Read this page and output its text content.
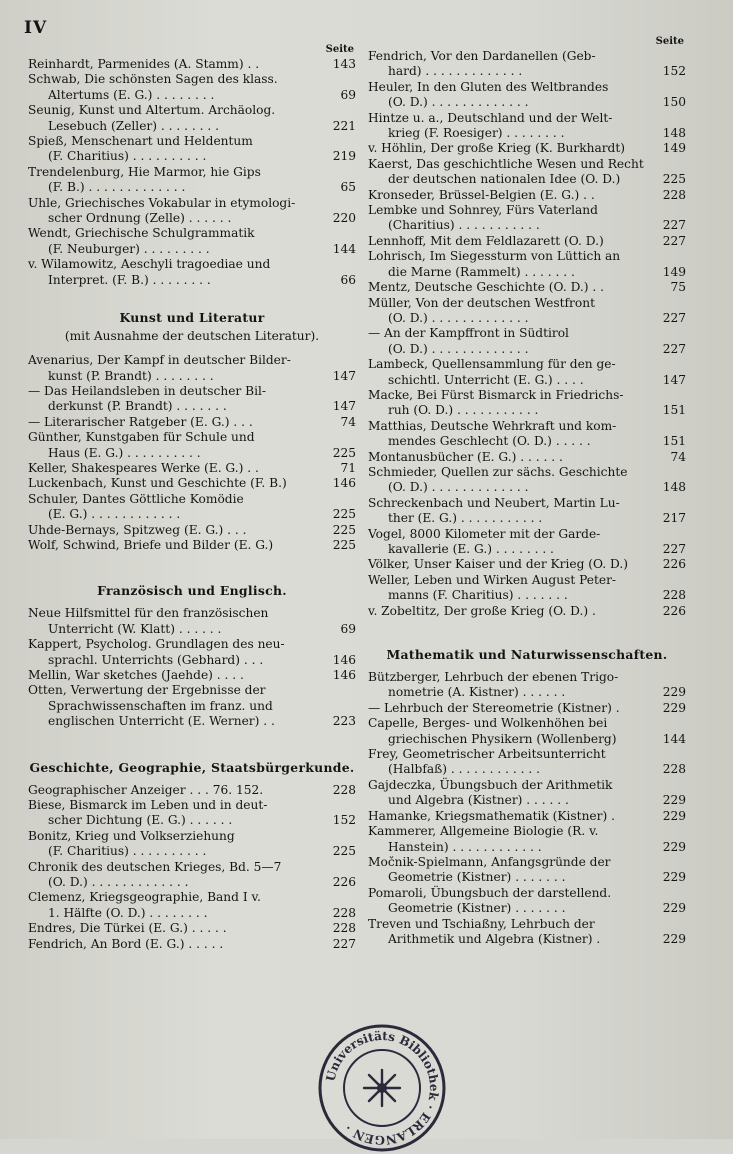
IV
Seite
Reinhardt, Parmenides (A. Stamm) . .	143
Schwab, Die schönsten Sagen des klass.
Altertums (E. G.) . . . . . . . .	69
Seunig, Kunst und Altertum. Archäolog.
Lesebuch (Zeller) . . . . . . . .	221
Spieß, Menschenart und Heldentum
(F. Charitius) . . . . . . . . . .	219
Trendelenburg, Hie Marmor, hie Gips
(F. B.) . . . . . . . . . . . . .	65
Uhle, Griechisches Vokabular in etymologi-
scher Ordnung (Zelle) . . . . . .	220
Wendt, Griechische Schulgrammatik
(F. Neuburger) . . . . . . . . .	144
v. Wilamowitz, Aeschyli tragoediae und
Interpret. (F. B.) . . . . . . . .	66
Kunst und Literatur
(mit Ausnahme der deutschen Literatur).
Avenarius, Der Kampf in deutscher Bilder-
kunst (P. Brandt) . . . . . . . .	147
— Das Heilandsleben in deutscher Bil-
derkunst (P. Brandt) . . . . . . .	147
— Literarischer Ratgeber (E. G.) . . .	74
Günther, Kunstgaben für Schule und
Haus (E. G.) . . . . . . . . . .	225
Keller, Shakespeares Werke (E. G.) . .	71
Luckenbach, Kunst und Geschichte (F. B.)	146
Schuler, Dantes Göttliche Komödie
(E. G.) . . . . . . . . . . . .	225
Uhde-Bernays, Spitzweg (E. G.) . . .	225
Wolf, Schwind, Briefe und Bilder (E. G.)	225
Französisch und Englisch.
Neue Hilfsmittel für den französischen
Unterricht (W. Klatt) . . . . . .	69
Kappert, Psycholog. Grundlagen des neu-
sprachl. Unterrichts (Gebhard) . . .	146
Mellin, War sketches (Jaehde) . . . .	146
Otten, Verwertung der Ergebnisse der
Sprachwissenschaften im franz. und
englischen Unterricht (E. Werner) . .	223
Geschichte, Geographie, Staatsbürgerkunde.
Geographischer Anzeiger . . . 76. 152.	228
Biese, Bismarck im Leben und in deut-
scher Dichtung (E. G.) . . . . . .	152
Bonitz, Krieg und Volkserziehung
(F. Charitius) . . . . . . . . . .	225
Chronik des deutschen Krieges, Bd. 5—7
(O. D.) . . . . . . . . . . . . .	226
Clemenz, Kriegsgeographie, Band I v.
1. Hälfte (O. D.) . . . . . . . .	228
Endres, Die Türkei (E. G.) . . . . .	228
Fendrich, An Bord (E. G.) . . . . .	227
Seite
Fendrich, Vor den Dardanellen (Geb-
hard) . . . . . . . . . . . . .	152
Heuler, In den Gluten des Weltbrandes
(O. D.) . . . . . . . . . . . . .	150
Hintze u. a., Deutschland und der Welt-
krieg (F. Roesiger) . . . . . . . .	148
v. Höhlin, Der große Krieg (K. Burkhardt)	149
Kaerst, Das geschichtliche Wesen und Recht
der deutschen nationalen Idee (O. D.)	225
Kronseder, Brüssel-Belgien (E. G.) . .	228
Lembke und Sohnrey, Fürs Vaterland
(Charitius) . . . . . . . . . . .	227
Lennhoff, Mit dem Feldlazarett (O. D.)	227
Lohrisch, Im Siegessturm von Lüttich an
die Marne (Rammelt) . . . . . . .	149
Mentz, Deutsche Geschichte (O. D.) . .	75
Müller, Von der deutschen Westfront
(O. D.) . . . . . . . . . . . . .	227
— An der Kampffront in Südtirol
(O. D.) . . . . . . . . . . . . .	227
Lambeck, Quellensammlung für den ge-
schichtl. Unterricht (E. G.) . . . .	147
Macke, Bei Fürst Bismarck in Friedrichs-
ruh (O. D.) . . . . . . . . . . .	151
Matthias, Deutsche Wehrkraft und kom-
mendes Geschlecht (O. D.) . . . . .	151
Montanusbücher (E. G.) . . . . . .	74
Schmieder, Quellen zur sächs. Geschichte
(O. D.) . . . . . . . . . . . . .	148
Schreckenbach und Neubert, Martin Lu-
ther (E. G.) . . . . . . . . . . .	217
Vogel, 8000 Kilometer mit der Garde-
kavallerie (E. G.) . . . . . . . .	227
Völker, Unser Kaiser und der Krieg (O. D.)	226
Weller, Leben und Wirken August Peter-
manns (F. Charitius) . . . . . . .	228
v. Zobeltitz, Der große Krieg (O. D.) .	226
Mathematik und Naturwissenschaften.
Bützberger, Lehrbuch der ebenen Trigo-
nometrie (A. Kistner) . . . . . .	229
— Lehrbuch der Stereometrie (Kistner) .	229
Capelle, Berges- und Wolkenhöhen bei
griechischen Physikern (Wollenberg)	144
Frey, Geometrischer Arbeitsunterricht
(Halbfaß) . . . . . . . . . . . .	228
Gajdeczka, Übungsbuch der Arithmetik
und Algebra (Kistner) . . . . . .	229
Hamanke, Kriegsmathematik (Kistner) .	229
Kammerer, Allgemeine Biologie (R. v.
Hanstein) . . . . . . . . . . . .	229
Močnik-Spielmann, Anfangsgründe der
Geometrie (Kistner) . . . . . . .	229
Pomaroli, Übungsbuch der darstellend.
Geometrie (Kistner) . . . . . . .	229
Treven und Tschiaßny, Lehrbuch der
Arithmetik und Algebra (Kistner) .	229
Universitäts Bibliothek · ERLANGEN ·
